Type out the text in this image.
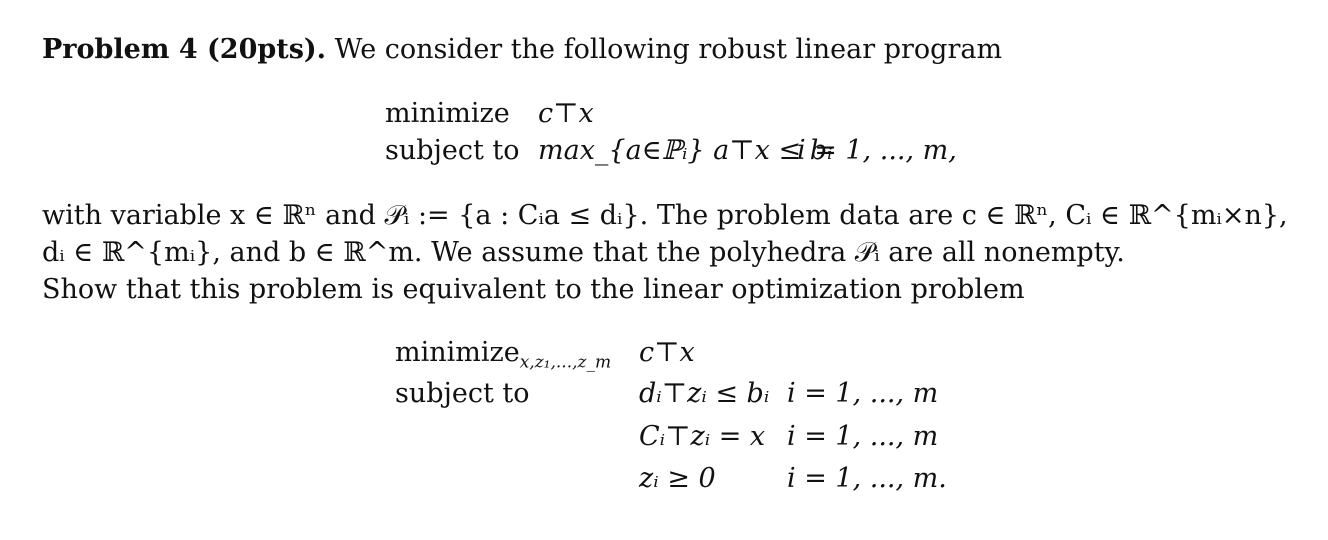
Problem 4 (20pts). We consider the following robust linear program
minimize c⊤x
subject to max_{a∈ℙᵢ} a⊤x ≤ bᵢ
i = 1, ..., m,
with variable x ∈ ℝⁿ and 𝒫ᵢ := {a : Cᵢa ≤ dᵢ}. The problem data are c ∈ ℝⁿ, Cᵢ ∈ ℝ^{mᵢ×n},
dᵢ ∈ ℝ^{mᵢ}, and b ∈ ℝ^m. We assume that the polyhedra 𝒫ᵢ are all nonempty.
Show that this problem is equivalent to the linear optimization problem
minimize$_{x,z_1,...,z\_m}$ c⊤x
subject to	dᵢ⊤zᵢ ≤ bᵢ i = 1, ..., m
Cᵢ⊤zᵢ = x i = 1, ..., m
zᵢ ≥ 0	i = 1, ..., m.
